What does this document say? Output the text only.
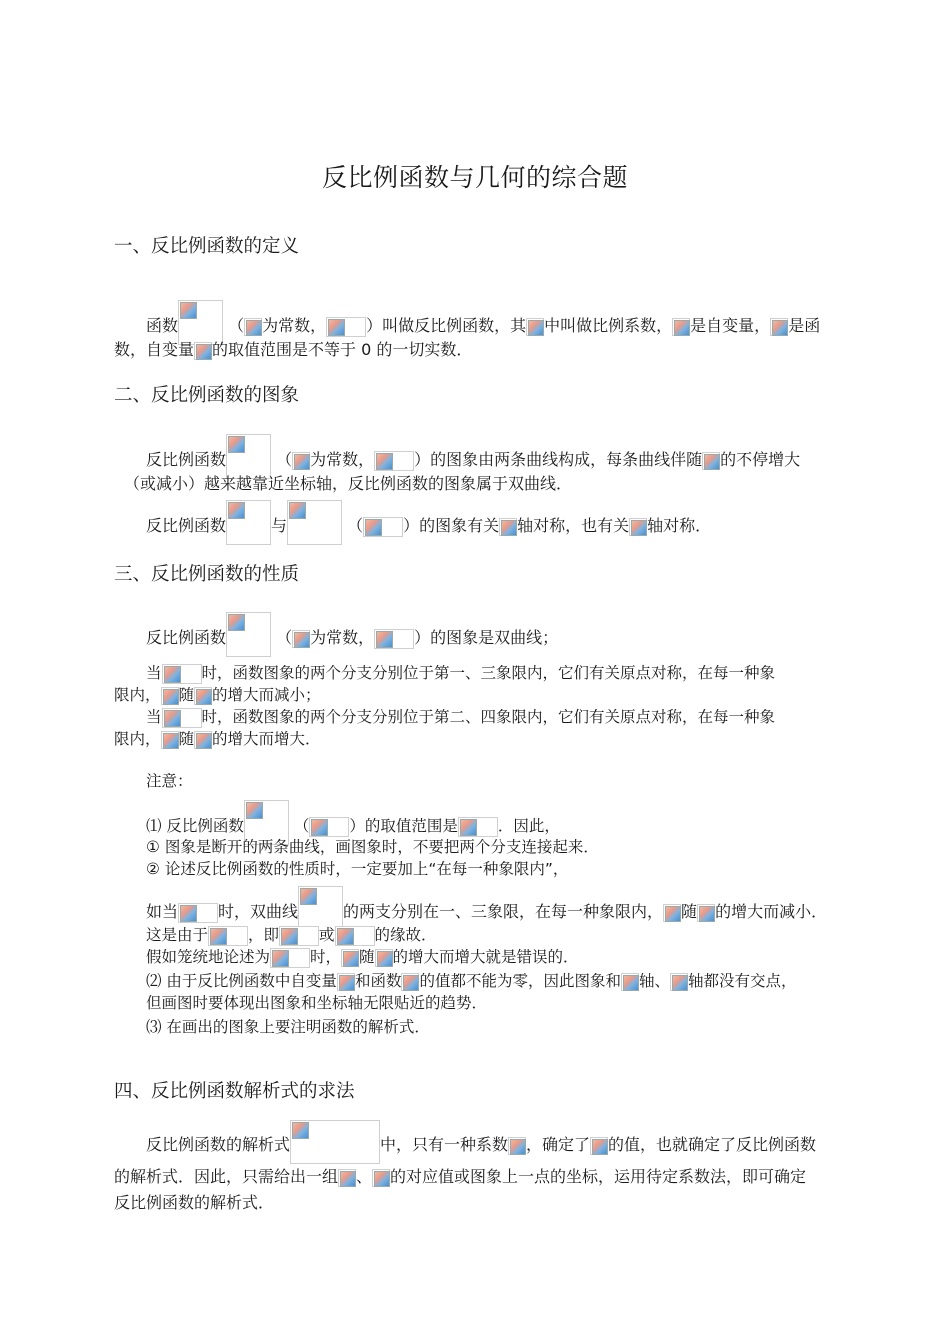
反比例函数与几何的综合题
一、反比例函数的定义
函数	（ 为常数，	）叫做反比例函数，其 中叫做比例系数， 是自变量， 是函
数，自变量 的取值范围是不等于 0 的一切实数．
二、反比例函数的图象
反比例函数	（ 为常数，	）的图象由两条曲线构成，每条曲线伴随 的不停增大
（或减小）越来越靠近坐标轴，反比例函数的图象属于双曲线．
反比例函数	与	（	）的图象有关 轴对称，也有关 轴对称．
三、反比例函数的性质
反比例函数	（ 为常数，	）的图象是双曲线；
当	时，函数图象的两个分支分别位于第一、三象限内，它们有关原点对称，在每一种象
限内， 随 的增大而减小；
当	时，函数图象的两个分支分别位于第二、四象限内，它们有关原点对称，在每一种象
限内， 随 的增大而增大．
注意：
⑴ 反比例函数	（	）的取值范围是	．因此，
① 图象是断开的两条曲线，画图象时，不要把两个分支连接起来．
② 论述反比例函数的性质时，一定要加上“在每一种象限内”，
如当	时，双曲线	的两支分别在一、三象限，在每一种象限内， 随 的增大而减小．
这是由于	，即	或	的缘故．
假如笼统地论述为	时， 随 的增大而增大就是错误的．
⑵ 由于反比例函数中自变量 和函数 的值都不能为零，因此图象和 轴、 轴都没有交点，
但画图时要体现出图象和坐标轴无限贴近的趋势．
⑶ 在画出的图象上要注明函数的解析式．
四、反比例函数解析式的求法
反比例函数的解析式	中，只有一种系数 ，确定了 的值，也就确定了反比例函数
的解析式．因此，只需给出一组 、 的对应值或图象上一点的坐标，运用待定系数法，即可确定
反比例函数的解析式．
